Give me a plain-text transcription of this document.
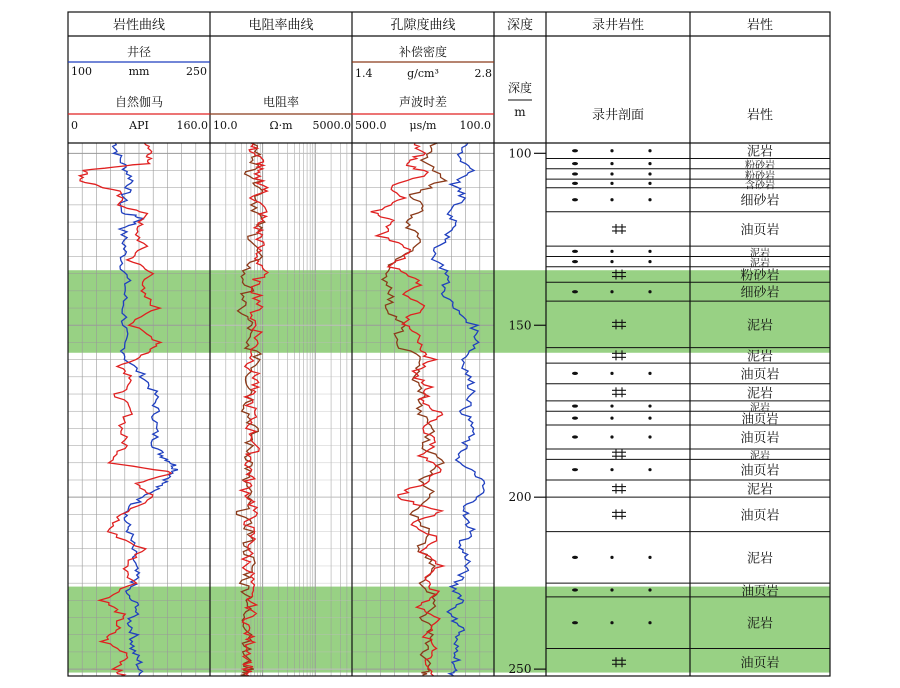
泥岩
粉砂岩
粉砂岩
含砂岩
细砂岩
油页岩
泥岩
泥岩
粉砂岩
细砂岩
泥岩
泥岩
油页岩
泥岩
泥岩
油页岩
油页岩
泥岩
油页岩
泥岩
油页岩
泥岩
油页岩
泥岩
油页岩
100
150
200
250
岩性曲线	电阻率曲线	孔隙度曲线	深度	录井岩性	岩性
井径
100	mm	250
自然伽马
0	API	160.0
电阻率
10.0	Ω·m 5000.0
补偿密度
1.4	g/cm³	2.8
声波时差
500.0 μs/m 100.0
深度
m	录井剖面	岩性
